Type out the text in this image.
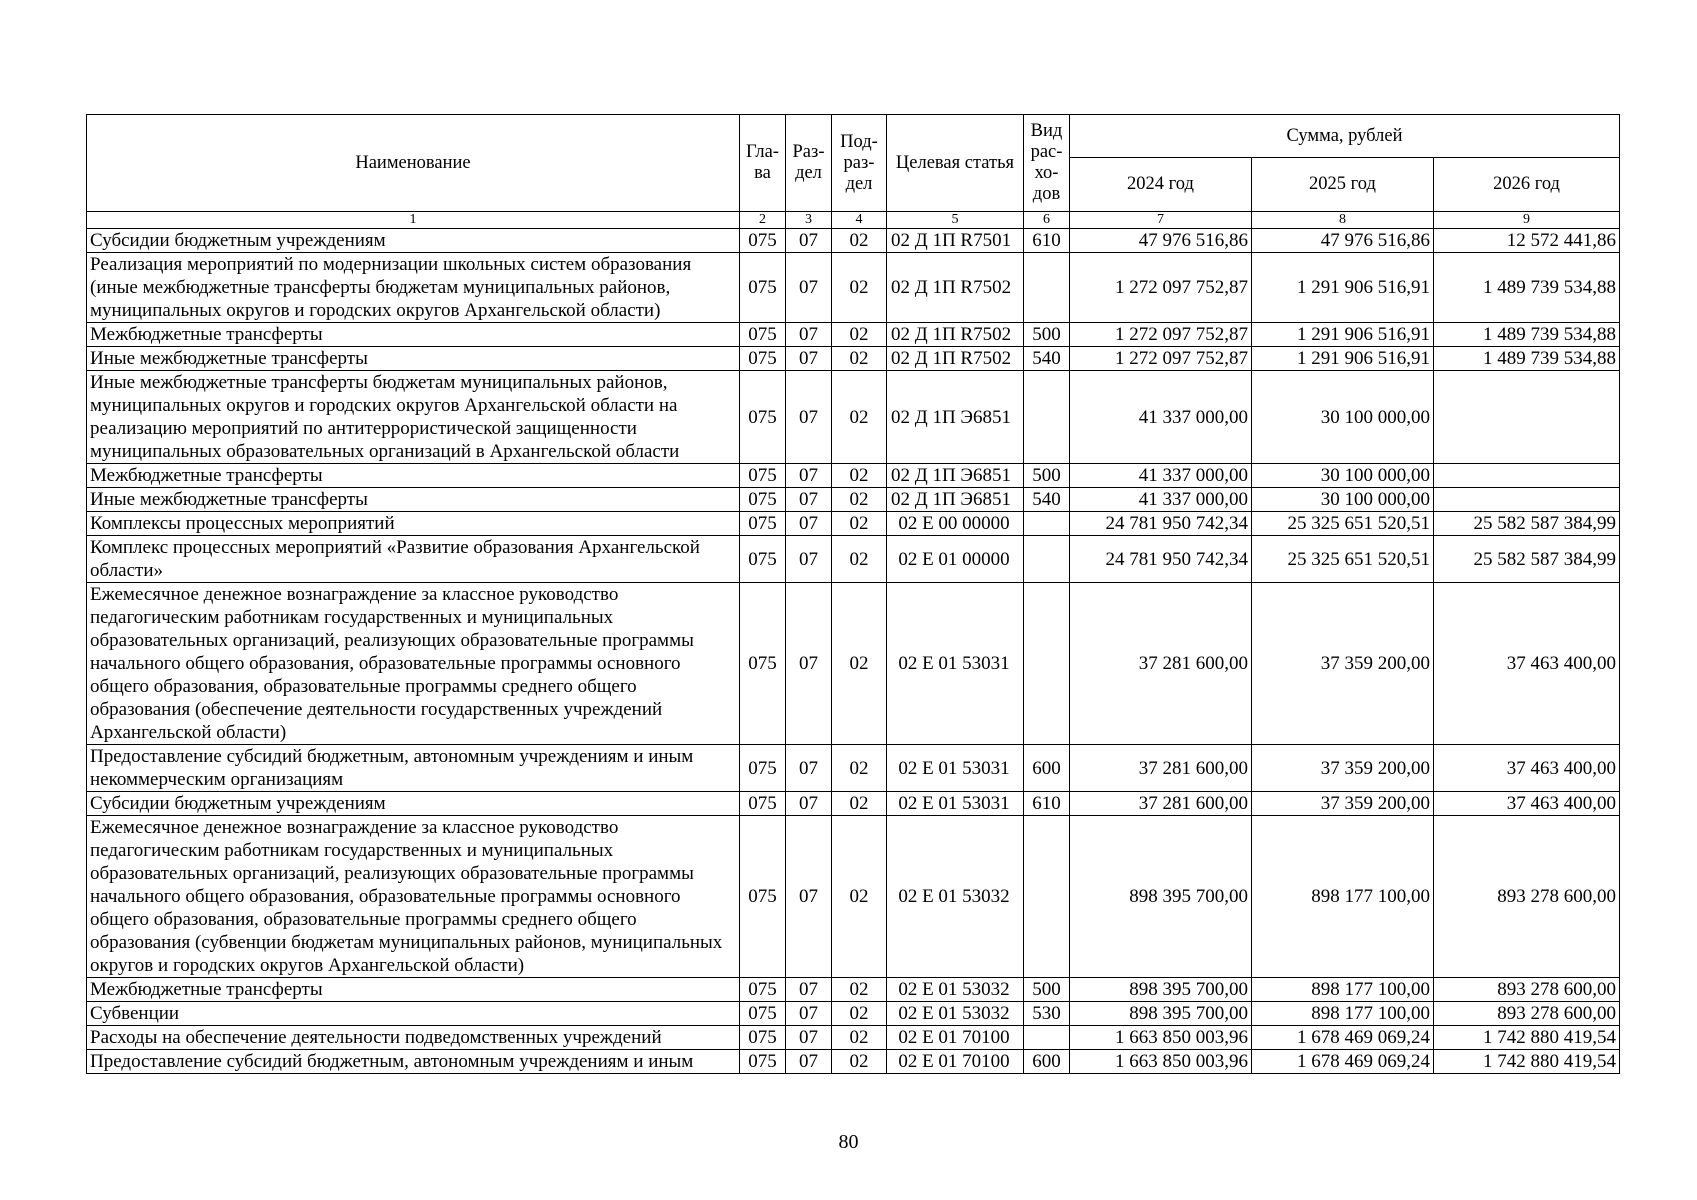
Наименование	Гла-ва	Раз-дел	Под-раз-дел	Целевая статья	Вид рас-хо-дов	Сумма, рублей		
						2024 год	2025 год	2026 год
1	2	3	4	5	6	7	8	9
Субсидии бюджетным учреждениям	075	07	02	02 Д 1П R7501	610	47 976 516,86	47 976 516,86	12 572 441,86
Реализация мероприятий по модернизации школьных систем образования (иные межбюджетные трансферты бюджетам муниципальных районов, муниципальных округов и городских округов Архангельской области)	075	07	02	02 Д 1П R7502		1 272 097 752,87	1 291 906 516,91	1 489 739 534,88
Межбюджетные трансферты	075	07	02	02 Д 1П R7502	500	1 272 097 752,87	1 291 906 516,91	1 489 739 534,88
Иные межбюджетные трансферты	075	07	02	02 Д 1П R7502	540	1 272 097 752,87	1 291 906 516,91	1 489 739 534,88
Иные межбюджетные трансферты бюджетам муниципальных районов, муниципальных округов и городских округов Архангельской области на реализацию мероприятий по антитеррористической защищенности муниципальных образовательных организаций в Архангельской области	075	07	02	02 Д 1П Э6851		41 337 000,00	30 100 000,00	
Межбюджетные трансферты	075	07	02	02 Д 1П Э6851	500	41 337 000,00	30 100 000,00	
Иные межбюджетные трансферты	075	07	02	02 Д 1П Э6851	540	41 337 000,00	30 100 000,00	
Комплексы процессных мероприятий	075	07	02	02 Е 00 00000		24 781 950 742,34	25 325 651 520,51	25 582 587 384,99
Комплекс процессных мероприятий «Развитие образования Архангельской области»	075	07	02	02 Е 01 00000		24 781 950 742,34	25 325 651 520,51	25 582 587 384,99
Ежемесячное денежное вознаграждение за классное руководство педагогическим работникам государственных и муниципальных образовательных организаций, реализующих образовательные программы начального общего образования, образовательные программы основного общего образования, образовательные программы среднего общего образования (обеспечение деятельности государственных учреждений Архангельской области)	075	07	02	02 Е 01 53031		37 281 600,00	37 359 200,00	37 463 400,00
Предоставление субсидий бюджетным, автономным учреждениям и иным некоммерческим организациям	075	07	02	02 Е 01 53031	600	37 281 600,00	37 359 200,00	37 463 400,00
Субсидии бюджетным учреждениям	075	07	02	02 Е 01 53031	610	37 281 600,00	37 359 200,00	37 463 400,00
Ежемесячное денежное вознаграждение за классное руководство педагогическим работникам государственных и муниципальных образовательных организаций, реализующих образовательные программы начального общего образования, образовательные программы основного общего образования, образовательные программы среднего общего образования (субвенции бюджетам муниципальных районов, муниципальных округов и городских округов Архангельской области)	075	07	02	02 Е 01 53032		898 395 700,00	898 177 100,00	893 278 600,00
Межбюджетные трансферты	075	07	02	02 Е 01 53032	500	898 395 700,00	898 177 100,00	893 278 600,00
Субвенции	075	07	02	02 Е 01 53032	530	898 395 700,00	898 177 100,00	893 278 600,00
Расходы на обеспечение деятельности подведомственных учреждений	075	07	02	02 Е 01 70100		1 663 850 003,96	1 678 469 069,24	1 742 880 419,54
Предоставление субсидий бюджетным, автономным учреждениям и иным	075	07	02	02 Е 01 70100	600	1 663 850 003,96	1 678 469 069,24	1 742 880 419,54
80
